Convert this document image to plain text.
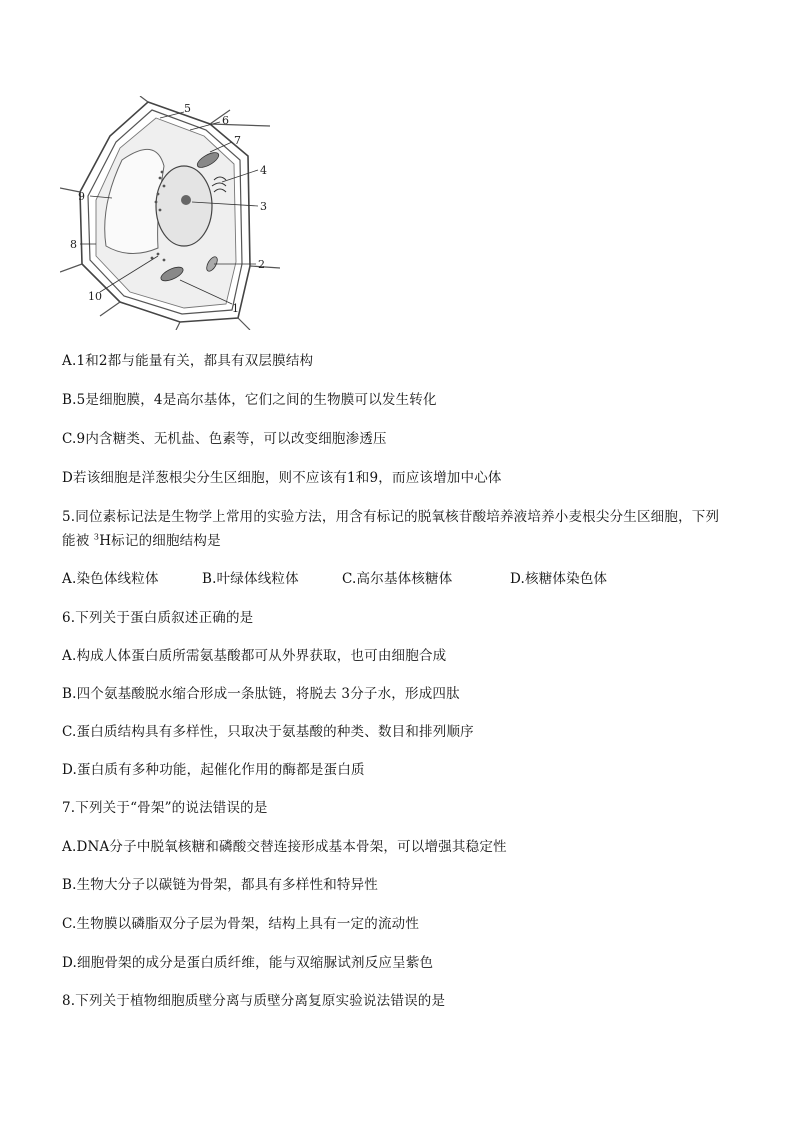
1
2
3
4
5
6
7
8
9
10
A.1和2都与能量有关，都具有双层膜结构
B.5是细胞膜，4是高尔基体，它们之间的生物膜可以发生转化
C.9内含糖类、无机盐、色素等，可以改变细胞渗透压
D若该细胞是洋葱根尖分生区细胞，则不应该有1和9，而应该增加中心体
5.同位素标记法是生物学上常用的实验方法，用含有标记的脱氧核苷酸培养液培养小麦根尖分生区细胞，下列
能被 $^3$H标记的细胞结构是
A.染色体线粒体	B.叶绿体线粒体	C.高尔基体核糖体	D.核糖体染色体
6.下列关于蛋白质叙述正确的是
A.构成人体蛋白质所需氨基酸都可从外界获取，也可由细胞合成
B.四个氨基酸脱水缩合形成一条肽链，将脱去 3分子水，形成四肽
C.蛋白质结构具有多样性，只取决于氨基酸的种类、数目和排列顺序
D.蛋白质有多种功能，起催化作用的酶都是蛋白质
7.下列关于“骨架”的说法错误的是
A.DNA分子中脱氧核糖和磷酸交替连接形成基本骨架，可以增强其稳定性
B.生物大分子以碳链为骨架，都具有多样性和特异性
C.生物膜以磷脂双分子层为骨架，结构上具有一定的流动性
D.细胞骨架的成分是蛋白质纤维，能与双缩脲试剂反应呈紫色
8.下列关于植物细胞质壁分离与质壁分离复原实验说法错误的是
